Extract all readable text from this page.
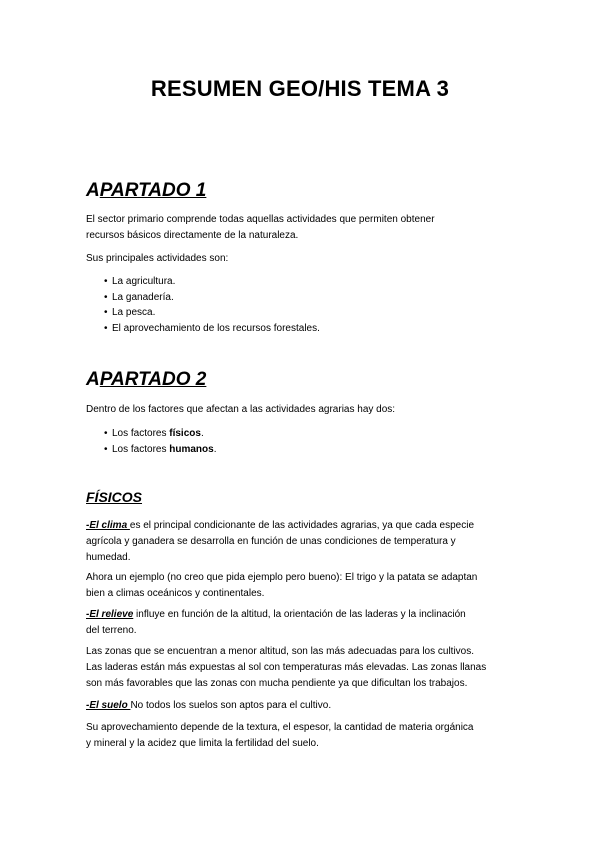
RESUMEN GEO/HIS TEMA 3
APARTADO 1
El sector primario comprende todas aquellas actividades que permiten obtener
recursos básicos directamente de la naturaleza.
Sus principales actividades son:
• La agricultura.
• La ganadería.
• La pesca.
• El aprovechamiento de los recursos forestales.
APARTADO 2
Dentro de los factores que afectan a las actividades agrarias hay dos:
• Los factores físicos.
• Los factores humanos.
FÍSICOS
-El clima es el principal condicionante de las actividades agrarias, ya que cada especie
agrícola y ganadera se desarrolla en función de unas condiciones de temperatura y
humedad.
Ahora un ejemplo (no creo que pida ejemplo pero bueno): El trigo y la patata se adaptan
bien a climas oceánicos y continentales.
-El relieve influye en función de la altitud, la orientación de las laderas y la inclinación
del terreno.
Las zonas que se encuentran a menor altitud, son las más adecuadas para los cultivos.
Las laderas están más expuestas al sol con temperaturas más elevadas. Las zonas llanas
son más favorables que las zonas con mucha pendiente ya que dificultan los trabajos.
-El suelo No todos los suelos son aptos para el cultivo.
Su aprovechamiento depende de la textura, el espesor, la cantidad de materia orgánica
y mineral y la acidez que limita la fertilidad del suelo.
